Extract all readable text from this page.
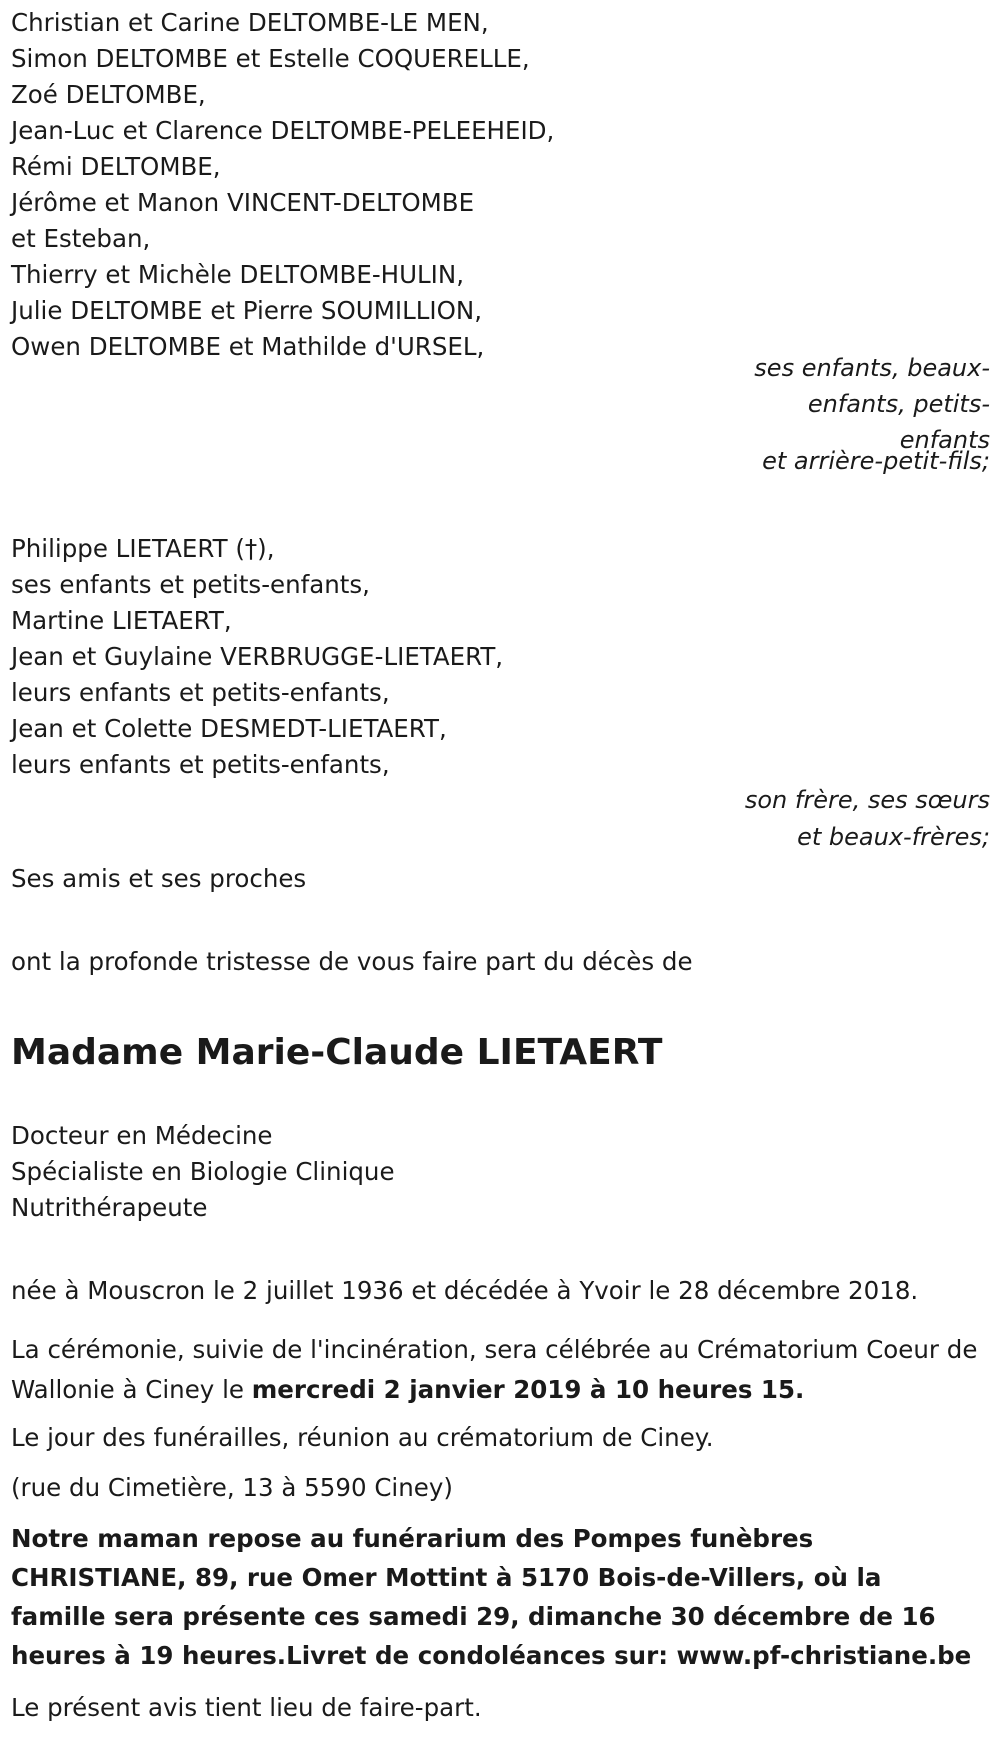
Christian et Carine DELTOMBE-LE MEN,
Simon DELTOMBE et Estelle COQUERELLE,
Zoé DELTOMBE,
Jean-Luc et Clarence DELTOMBE-PELEEHEID,
Rémi DELTOMBE,
Jérôme et Manon VINCENT-DELTOMBE
et Esteban,
Thierry et Michèle DELTOMBE-HULIN,
Julie DELTOMBE et Pierre SOUMILLION,
Owen DELTOMBE et Mathilde d'URSEL,
ses enfants, beaux-
enfants, petits-
enfants
et arrière-petit-fils;
Philippe LIETAERT (†),
ses enfants et petits-enfants,
Martine LIETAERT,
Jean et Guylaine VERBRUGGE-LIETAERT,
leurs enfants et petits-enfants,
Jean et Colette DESMEDT-LIETAERT,
leurs enfants et petits-enfants,
son frère, ses sœurs
et beaux-frères;
Ses amis et ses proches
ont la profonde tristesse de vous faire part du décès de
Madame Marie-Claude LIETAERT
Docteur en Médecine
Spécialiste en Biologie Clinique
Nutrithérapeute
née à Mouscron le 2 juillet 1936 et décédée à Yvoir le 28 décembre 2018.
La cérémonie, suivie de l'incinération, sera célébrée au Crématorium Coeur de Wallonie à Ciney le mercredi 2 janvier 2019 à 10 heures 15.
Le jour des funérailles, réunion au crématorium de Ciney.
(rue du Cimetière, 13 à 5590 Ciney)
Notre maman repose au funérarium des Pompes funèbres CHRISTIANE, 89, rue Omer Mottint à 5170 Bois-de-Villers, où la famille sera présente ces samedi 29, dimanche 30 décembre de 16 heures à 19 heures.Livret de condoléances sur: www.pf-christiane.be
Le présent avis tient lieu de faire-part.
